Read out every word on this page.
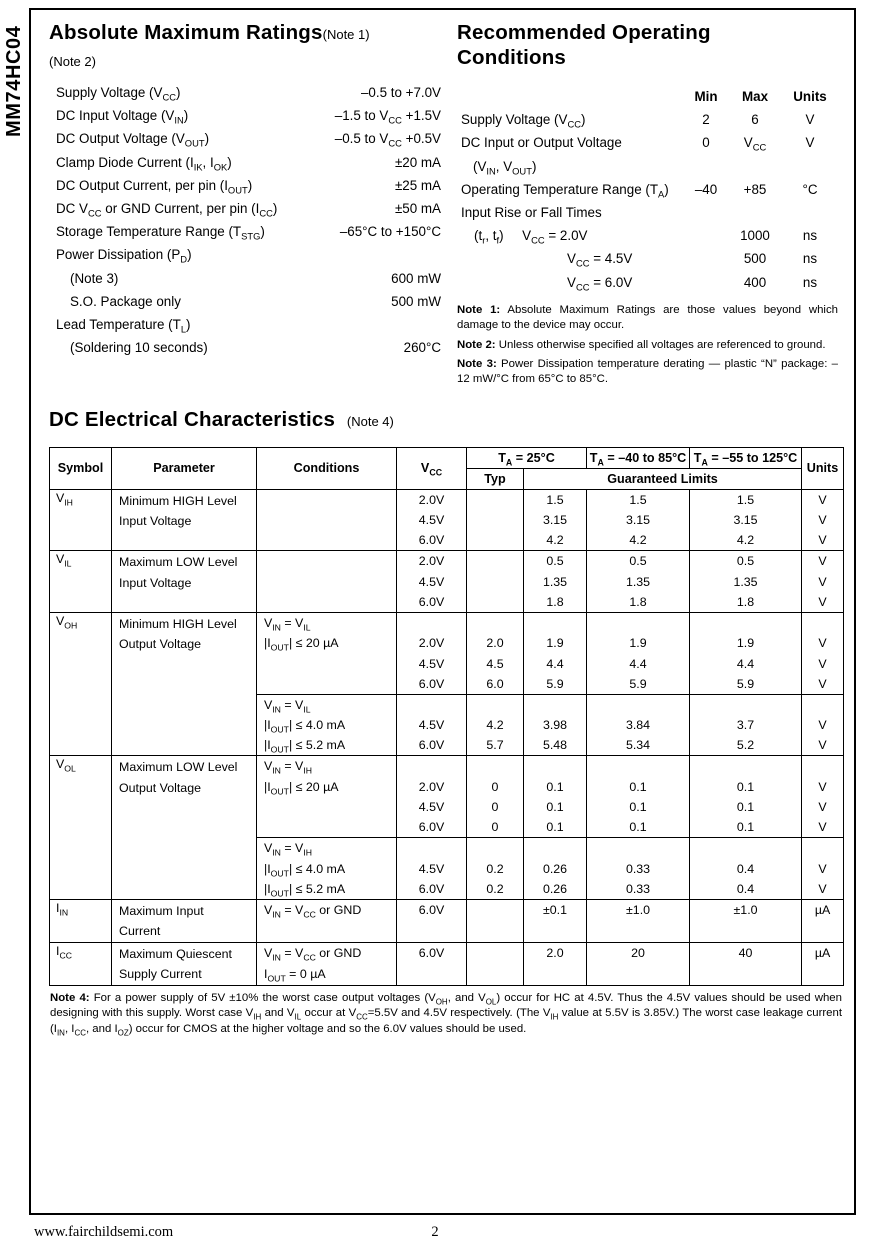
MM74HC04 Absolute Maximum Ratings(Note 1)
(Note 2)
Supply Voltage $(V_{CC})$	–0.5 to +7.0V
DC Input Voltage $(V_{IN})$	–1.5 to $V_{CC} +1.5V$
DC Output Voltage $(V_{OUT})$	–0.5 to $V_{CC} +0.5V$
Clamp Diode Current ($I_{IK}$, $I_{OK}$)	±20 mA
DC Output Current, per pin $(I_{OUT})$	±25 mA
DC $V_{CC}$ or GND Current, per pin $(I_{CC})$	±50 mA
Storage Temperature Range $(T_{STG})$	–65°C to +150°C
Power Dissipation $(P_D)$
(Note 3)	600 mW
S.O. Package only	500 mW
Lead Temperature $(T_L)$
(Soldering 10 seconds)	260°C
Recommended Operating Conditions
Min	Max	Units
Supply Voltage $(V_{CC})$	2	6	V
DC Input or Output Voltage	0	$V_{CC}$	V
($V_{IN}$, $V_{OUT}$)
Operating Temperature Range $(T_A)$	–40	+85	°C
Input Rise or Fall Times
($t_r$, $t_f$)     $V_{CC} = 2.0V$	1000	ns
$V_{CC} = 4.5V$	500	ns
$V_{CC} = 6.0V$	400	ns
Note 1: Absolute Maximum Ratings are those values beyond which damage to the device may occur.
Note 2: Unless otherwise specified all voltages are referenced to ground.
Note 3: Power Dissipation temperature derating — plastic “N” package: –12 mW/°C from 65°C to 85°C.
DC Electrical Characteristics (Note 4)
Symbol	Parameter	Conditions	$V_{CC}$	$T_A = 25^\circ C$		$T_A = -40$ to 85°C	$T_A = -55$ to 125°C	Units
				Typ	Guaranteed Limits			
$V_{IH}$	Minimum HIGH Level
Input Voltage		2.0V		1.5	1.5	1.5	V
			4.5V		3.15	3.15	3.15	V
			6.0V		4.2	4.2	4.2	V
$V_{IL}$	Maximum LOW Level
Input Voltage		2.0V		0.5	0.5	0.5	V
			4.5V		1.35	1.35	1.35	V
			6.0V		1.8	1.8	1.8	V
$V_{OH}$	Minimum HIGH Level
Output Voltage	$V_{IN} = V_{IL}$						
		$|I_{OUT}| \le 20$ µA	2.0V	2.0	1.9	1.9	1.9	V
			4.5V	4.5	4.4	4.4	4.4	V
			6.0V	6.0	5.9	5.9	5.9	V
		$V_{IN} = V_{IL}$						
		$|I_{OUT}| \le 4.0$ mA	4.5V	4.2	3.98	3.84	3.7	V
		$|I_{OUT}| \le 5.2$ mA	6.0V	5.7	5.48	5.34	5.2	V
$V_{OL}$	Maximum LOW Level
Output Voltage	$V_{IN} = V_{IH}$						
		$|I_{OUT}| \le 20$ µA	2.0V	0	0.1	0.1	0.1	V
			4.5V	0	0.1	0.1	0.1	V
			6.0V	0	0.1	0.1	0.1	V
		$V_{IN} = V_{IH}$						
		$|I_{OUT}| \le 4.0$ mA	4.5V	0.2	0.26	0.33	0.4	V
		$|I_{OUT}| \le 5.2$ mA	6.0V	0.2	0.26	0.33	0.4	V
$I_{IN}$	Maximum Input
Current	$V_{IN} = V_{CC}$ or GND	6.0V		±0.1	±1.0	±1.0	µA

$I_{CC}$	Maximum Quiescent
Supply Current	$V_{IN} = V_{CC}$ or GND	6.0V		2.0	20	40	µA
		$I_{OUT} = 0$ µA						
Note 4: For a power supply of 5V ±10% the worst case output voltages ($V_{OH}$, and $V_{OL}$) occur for HC at 4.5V. Thus the 4.5V values should be used when designing with this supply. Worst case $V_{IH}$ and $V_{IL}$ occur at $V_{CC}=5.5V$ and 4.5V respectively. (The $V_{IH}$ value at 5.5V is 3.85V.) The worst case leakage current ($I_{IN}$, $I_{CC}$, and $I_{OZ}$) occur for CMOS at the higher voltage and so the 6.0V values should be used.
www.fairchildsemi.com	2
